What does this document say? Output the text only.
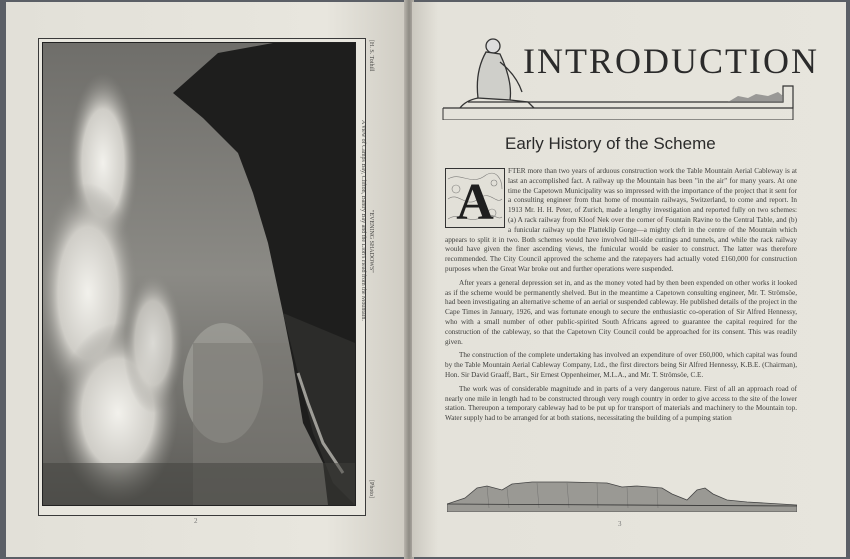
"EVENING SHADOWS"
A view of Camps Bay, Clifton, Bantry Bay and the Lion's Head from the Mountain.
[H. S. Tothill
[Photo]
2
INTRODUCTION
Early History of the Scheme
A

FTER more than two years of arduous construction work the Table Mountain Aerial Cableway is at last an accomplished fact. A railway up the Mountain has been "in the air" for many years. At one time the Capetown Municipality was so impressed with the importance of the project that it sent for a consulting engineer from that home of mountain railways, Switzerland, to come and report. In 1913 Mr. H. H. Peter, of Zurich, made a lengthy investigation and reported fully on two schemes: (a) A rack railway from Kloof Nek over the corner of Fountain Ravine to the Central Table, and (b) a funicular railway up the Platteklip Gorge—a mighty cleft in the centre of the Mountain which appears to split it in two. Both schemes would have involved hill-side cuttings and tunnels, and while the rack railway would have given the finer ascending views, the funicular would be easier to construct. The latter was therefore recommended. The City Council approved the scheme and the ratepayers had actually voted £160,000 for construction purposes when the Great War broke out and further operations were suspended.

After years a general depression set in, and as the money voted had by then been expended on other works it looked as if the scheme would be permanently shelved. But in the meantime a Capetown consulting engineer, Mr. T. Strömsöe, had been investigating an alternative scheme of an aerial or suspended cableway. He published details of the project in the Cape Times in January, 1926, and was fortunate enough to secure the enthusiastic co-operation of Sir Alfred Hennessy, who with a small number of other public-spirited South Africans agreed to guarantee the capital required for the construction of the cableway, so that the Capetown City Council could be approached for its consent. This was readily given.

The construction of the complete undertaking has involved an expenditure of over £60,000, which capital was found by the Table Mountain Aerial Cableway Company, Ltd., the first directors being Sir Alfred Hennessy, K.B.E. (Chairman), Hon. Sir David Graaff, Bart., Sir Ernest Oppenheimer, M.L.A., and Mr. T. Strömsöe, C.E.

The work was of considerable magnitude and in parts of a very dangerous nature. First of all an approach road of nearly one mile in length had to be constructed through very rough country in order to give access to the site of the lower station. Thereupon a temporary cableway had to be put up for transport of materials and machinery to the Mountain top. Water supply had to be arranged for at both stations, necessitating the building of a pumping station

3
